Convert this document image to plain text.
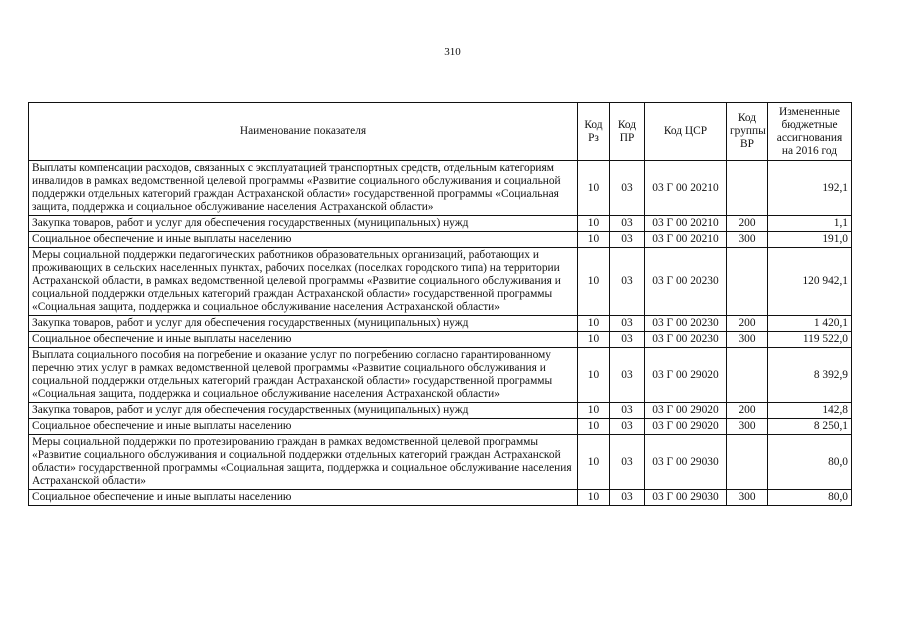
310
Наименование показателя	Код Рз	Код ПР	Код ЦСР	Код группы ВР	Измененные бюджетные ассигнования на 2016 год
Выплаты компенсации расходов, связанных с эксплуатацией транспортных средств, отдельным категориям инвалидов в рамках ведомственной целевой программы «Развитие социального обслуживания и социальной поддержки отдельных категорий граждан Астраханской области» государственной программы «Социальная защита, поддержка и социальное обслуживание населения Астраханской области»	10	03	03 Г 00 20210		192,1
Закупка товаров, работ и услуг для обеспечения государственных (муниципальных) нужд	10	03	03 Г 00 20210	200	1,1
Социальное обеспечение и иные выплаты населению	10	03	03 Г 00 20210	300	191,0
Меры социальной поддержки педагогических работников образовательных организаций, работающих и проживающих в сельских населенных пунктах, рабочих поселках (поселках городского типа) на территории Астраханской области, в рамках ведомственной целевой программы «Развитие социального обслуживания и социальной поддержки отдельных категорий граждан Астраханской области» государственной программы «Социальная защита, поддержка и социальное обслуживание населения Астраханской области»	10	03	03 Г 00 20230		120 942,1
Закупка товаров, работ и услуг для обеспечения государственных (муниципальных) нужд	10	03	03 Г 00 20230	200	1 420,1
Социальное обеспечение и иные выплаты населению	10	03	03 Г 00 20230	300	119 522,0
Выплата социального пособия на погребение и оказание услуг по погребению согласно гарантированному перечню этих услуг в рамках ведомственной целевой программы «Развитие социального обслуживания и социальной поддержки отдельных категорий граждан Астраханской области» государственной программы «Социальная защита, поддержка и социальное обслуживание населения Астраханской области»	10	03	03 Г 00 29020		8 392,9
Закупка товаров, работ и услуг для обеспечения государственных (муниципальных) нужд	10	03	03 Г 00 29020	200	142,8
Социальное обеспечение и иные выплаты населению	10	03	03 Г 00 29020	300	8 250,1
Меры социальной поддержки по протезированию граждан в рамках ведомственной целевой программы «Развитие социального обслуживания и социальной поддержки отдельных категорий граждан Астраханской области» государственной программы «Социальная защита, поддержка и социальное обслуживание населения Астраханской области»	10	03	03 Г 00 29030		80,0
Социальное обеспечение и иные выплаты населению	10	03	03 Г 00 29030	300	80,0
